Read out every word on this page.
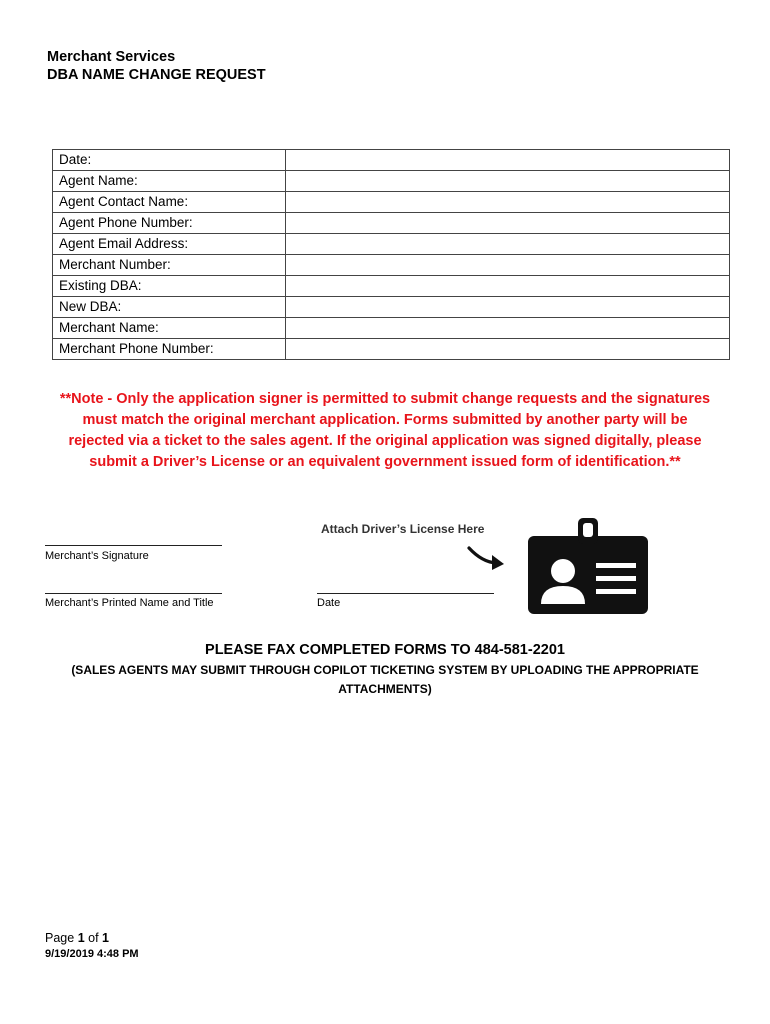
Merchant Services
DBA NAME CHANGE REQUEST
Date:	
Agent Name:	
Agent Contact Name:	
Agent Phone Number:	
Agent Email Address:	
Merchant Number:	
Existing DBA:	
New DBA:	
Merchant Name:	
Merchant Phone Number:	
**Note - Only the application signer is permitted to submit change requests and the signatures
must match the original merchant application. Forms submitted by another party will be
rejected via a ticket to the sales agent. If the original application was signed digitally, please
submit a Driver’s License or an equivalent government issued form of identification.**
Merchant’s Signature
Merchant’s Printed Name and Title	Date
Attach Driver’s License Here
PLEASE FAX COMPLETED FORMS TO 484-581-2201
(SALES AGENTS MAY SUBMIT THROUGH COPILOT TICKETING SYSTEM BY UPLOADING THE APPROPRIATE
ATTACHMENTS)
Page 1 of 1
9/19/2019 4:48 PM
